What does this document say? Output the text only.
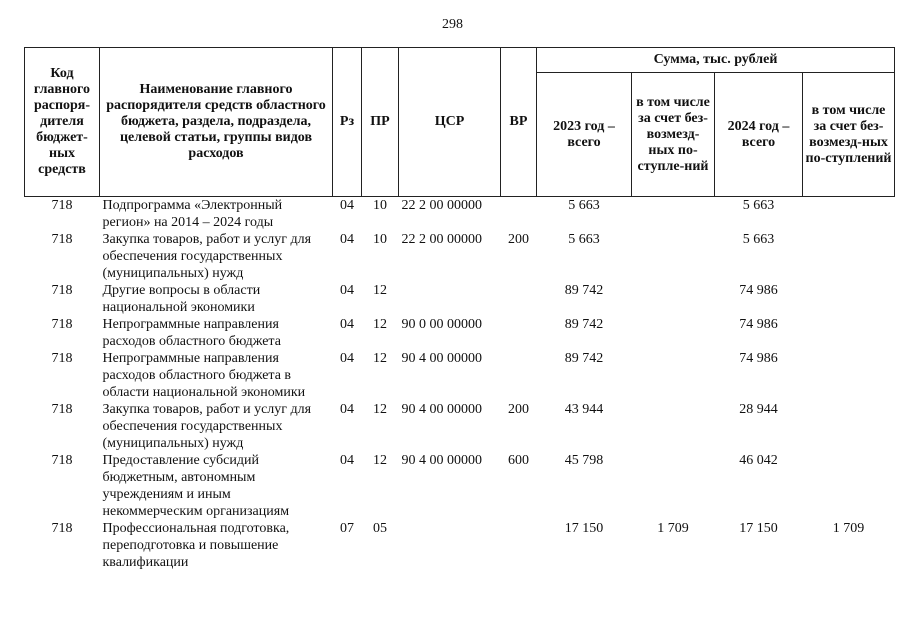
298
Код главного распоря-дителя бюджет-ных средств	Наименование главного распорядителя средств областного бюджета, раздела, подраздела, целевой статьи, группы видов расходов	Рз	ПР	ЦСР	ВР	Сумма, тыс. рублей			
						2023 год – всего	в том числе за счет без-возмезд-ных по-ступле-ний	2024 год – всего	в том числе за счет без-возмезд-ных по-ступлений
718	Подпрограмма «Электронный регион» на 2014 – 2024 годы	04	10	22 2 00 00000		5 663		5 663	
718	Закупка товаров, работ и услуг для обеспечения государственных (муниципальных) нужд	04	10	22 2 00 00000	200	5 663		5 663	
718	Другие вопросы в области национальной экономики	04	12			89 742		74 986	
718	Непрограммные направления расходов областного бюджета	04	12	90 0 00 00000		89 742		74 986	
718	Непрограммные направления расходов областного бюджета в области национальной экономики	04	12	90 4 00 00000		89 742		74 986	
718	Закупка товаров, работ и услуг для обеспечения государственных (муниципальных) нужд	04	12	90 4 00 00000	200	43 944		28 944	
718	Предоставление субсидий бюджетным, автономным учреждениям и иным некоммерческим организациям	04	12	90 4 00 00000	600	45 798		46 042	
718	Профессиональная подготовка, переподготовка и повышение квалификации	07	05			17 150	1 709	17 150	1 709
